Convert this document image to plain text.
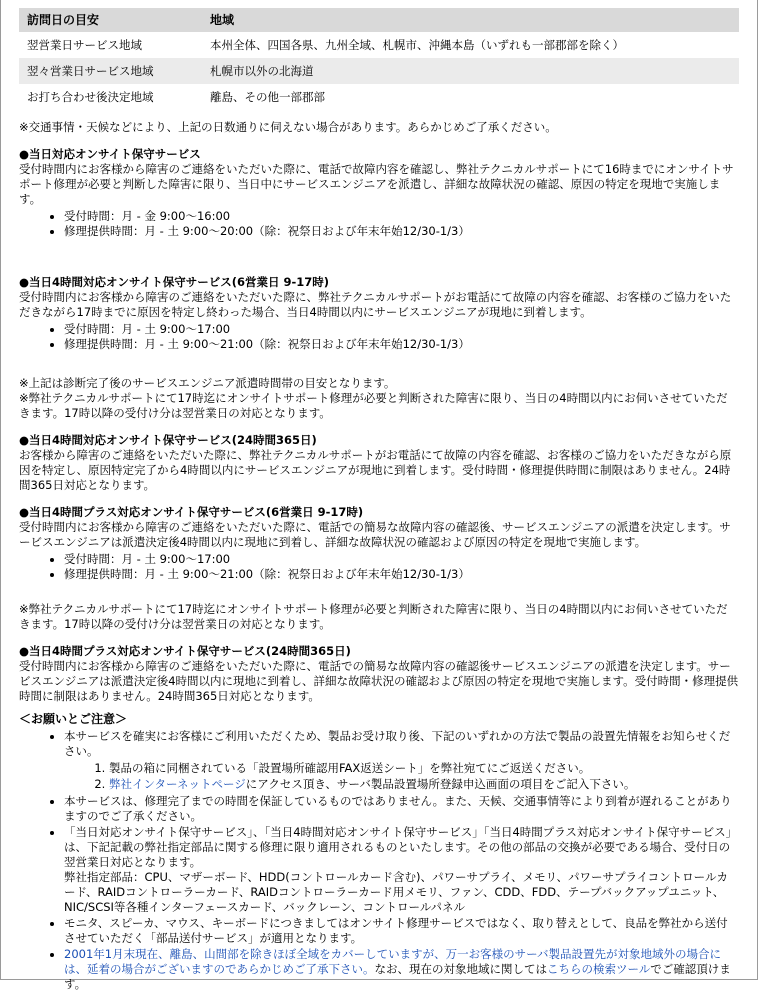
訪問日の目安	地域
翌営業日サービス地域	本州全体、四国各県、九州全域、札幌市、沖縄本島（いずれも一部郡部を除く）
翌々営業日サービス地域	札幌市以外の北海道
お打ち合わせ後決定地域	離島、その他一部郡部

※交通事情・天候などにより、上記の日数通りに伺えない場合があります。あらかじめご了承ください。

●当日対応オンサイト保守サービス

受付時間内にお客様から障害のご連絡をいただいた際に、電話で故障内容を確認し、弊社テクニカルサポートにて16時までにオンサイトサポート修理が必要と判断した障害に限り、当日中にサービスエンジニアを派遣し、詳細な故障状況の確認、原因の特定を現地で実施します。

• 受付時間：月 - 金 9:00～16:00
• 修理提供時間：月 - 土 9:00～20:00（除：祝祭日および年末年始12/30-1/3）
●当日4時間対応オンサイト保守サービス(6営業日 9-17時)

受付時間内にお客様から障害のご連絡をいただいた際に、弊社テクニカルサポートがお電話にて故障の内容を確認、お客様のご協力をいただきながら17時までに原因を特定し終わった場合、当日4時間以内にサービスエンジニアが現地に到着します。

• 受付時間：月 - 土 9:00～17:00
• 修理提供時間：月 - 土 9:00～21:00（除：祝祭日および年末年始12/30-1/3）

※上記は診断完了後のサービスエンジニア派遣時間帯の目安となります。

※弊社テクニカルサポートにて17時迄にオンサイトサポート修理が必要と判断された障害に限り、当日の4時間以内にお伺いさせていただきます。17時以降の受付け分は翌営業日の対応となります。

●当日4時間対応オンサイト保守サービス(24時間365日)

お客様から障害のご連絡をいただいた際に、弊社テクニカルサポートがお電話にて故障の内容を確認、お客様のご協力をいただきながら原因を特定し、原因特定完了から4時間以内にサービスエンジニアが現地に到着します。受付時間・修理提供時間に制限はありません。24時間365日対応となります。

●当日4時間プラス対応オンサイト保守サービス(6営業日 9-17時)

受付時間内にお客様から障害のご連絡をいただいた際に、電話での簡易な故障内容の確認後、サービスエンジニアの派遣を決定します。サービスエンジニアは派遣決定後4時間以内に現地に到着し、詳細な故障状況の確認および原因の特定を現地で実施します。

• 受付時間：月 - 土 9:00～17:00
• 修理提供時間：月 - 土 9:00～21:00（除：祝祭日および年末年始12/30-1/3）

※弊社テクニカルサポートにて17時迄にオンサイトサポート修理が必要と判断された障害に限り、当日の4時間以内にお伺いさせていただきます。17時以降の受付け分は翌営業日の対応となります。

●当日4時間プラス対応オンサイト保守サービス(24時間365日)

受付時間内にお客様から障害のご連絡をいただいた際に、電話での簡易な故障内容の確認後サービスエンジニアの派遣を決定します。サービスエンジニアは派遣決定後4時間以内に現地に到着し、詳細な故障状況の確認および原因の特定を現地で実施します。受付時間・修理提供時間に制限はありません。24時間365日対応となります。

＜お願いとご注意＞
• 本サービスを確実にお客様にご利用いただくため、製品お受け取り後、下記のいずれかの方法で製品の設置先情報をお知らせください。
1. 製品の箱に同梱されている「設置場所確認用FAX返送シート」を弊社宛てにご返送ください。
2. 弊社インターネットページにアクセス頂き、サーバ製品設置場所登録申込画面の項目をご記入下さい。
• 本サービスは、修理完了までの時間を保証しているものではありません。また、天候、交通事情等により到着が遅れることがありますのでご了承ください。
• 「当日対応オンサイト保守サービス」、「当日4時間対応オンサイト保守サービス」「当日4時間プラス対応オンサイト保守サービス」は、下記記載の弊社指定部品に関する修理に限り適用されるものといたします。その他の部品の交換が必要である場合、受付日の翌営業日対応となります。
弊社指定部品：CPU、マザーボード、HDD(コントロールカード含む)、パワーサプライ、メモリ、パワーサプライコントロールカード、RAIDコントローラーカード、RAIDコントローラーカード用メモリ、ファン、CDD、FDD、テープバックアップユニット、NIC/SCSI等各種インターフェースカード、バックレーン、コントロールパネル
• モニタ、スピーカ、マウス、キーボードにつきましてはオンサイト修理サービスではなく、取り替えとして、良品を弊社から送付させていただく「部品送付サービス」が適用となります。
• 2001年1月末現在、離島、山間部を除きほぼ全域をカバーしていますが、万一お客様のサーバ製品設置先が対象地域外の場合には、延着の場合がございますのであらかじめご了承下さい。なお、現在の対象地域に関してはこちらの検索ツールでご確認頂けます。
